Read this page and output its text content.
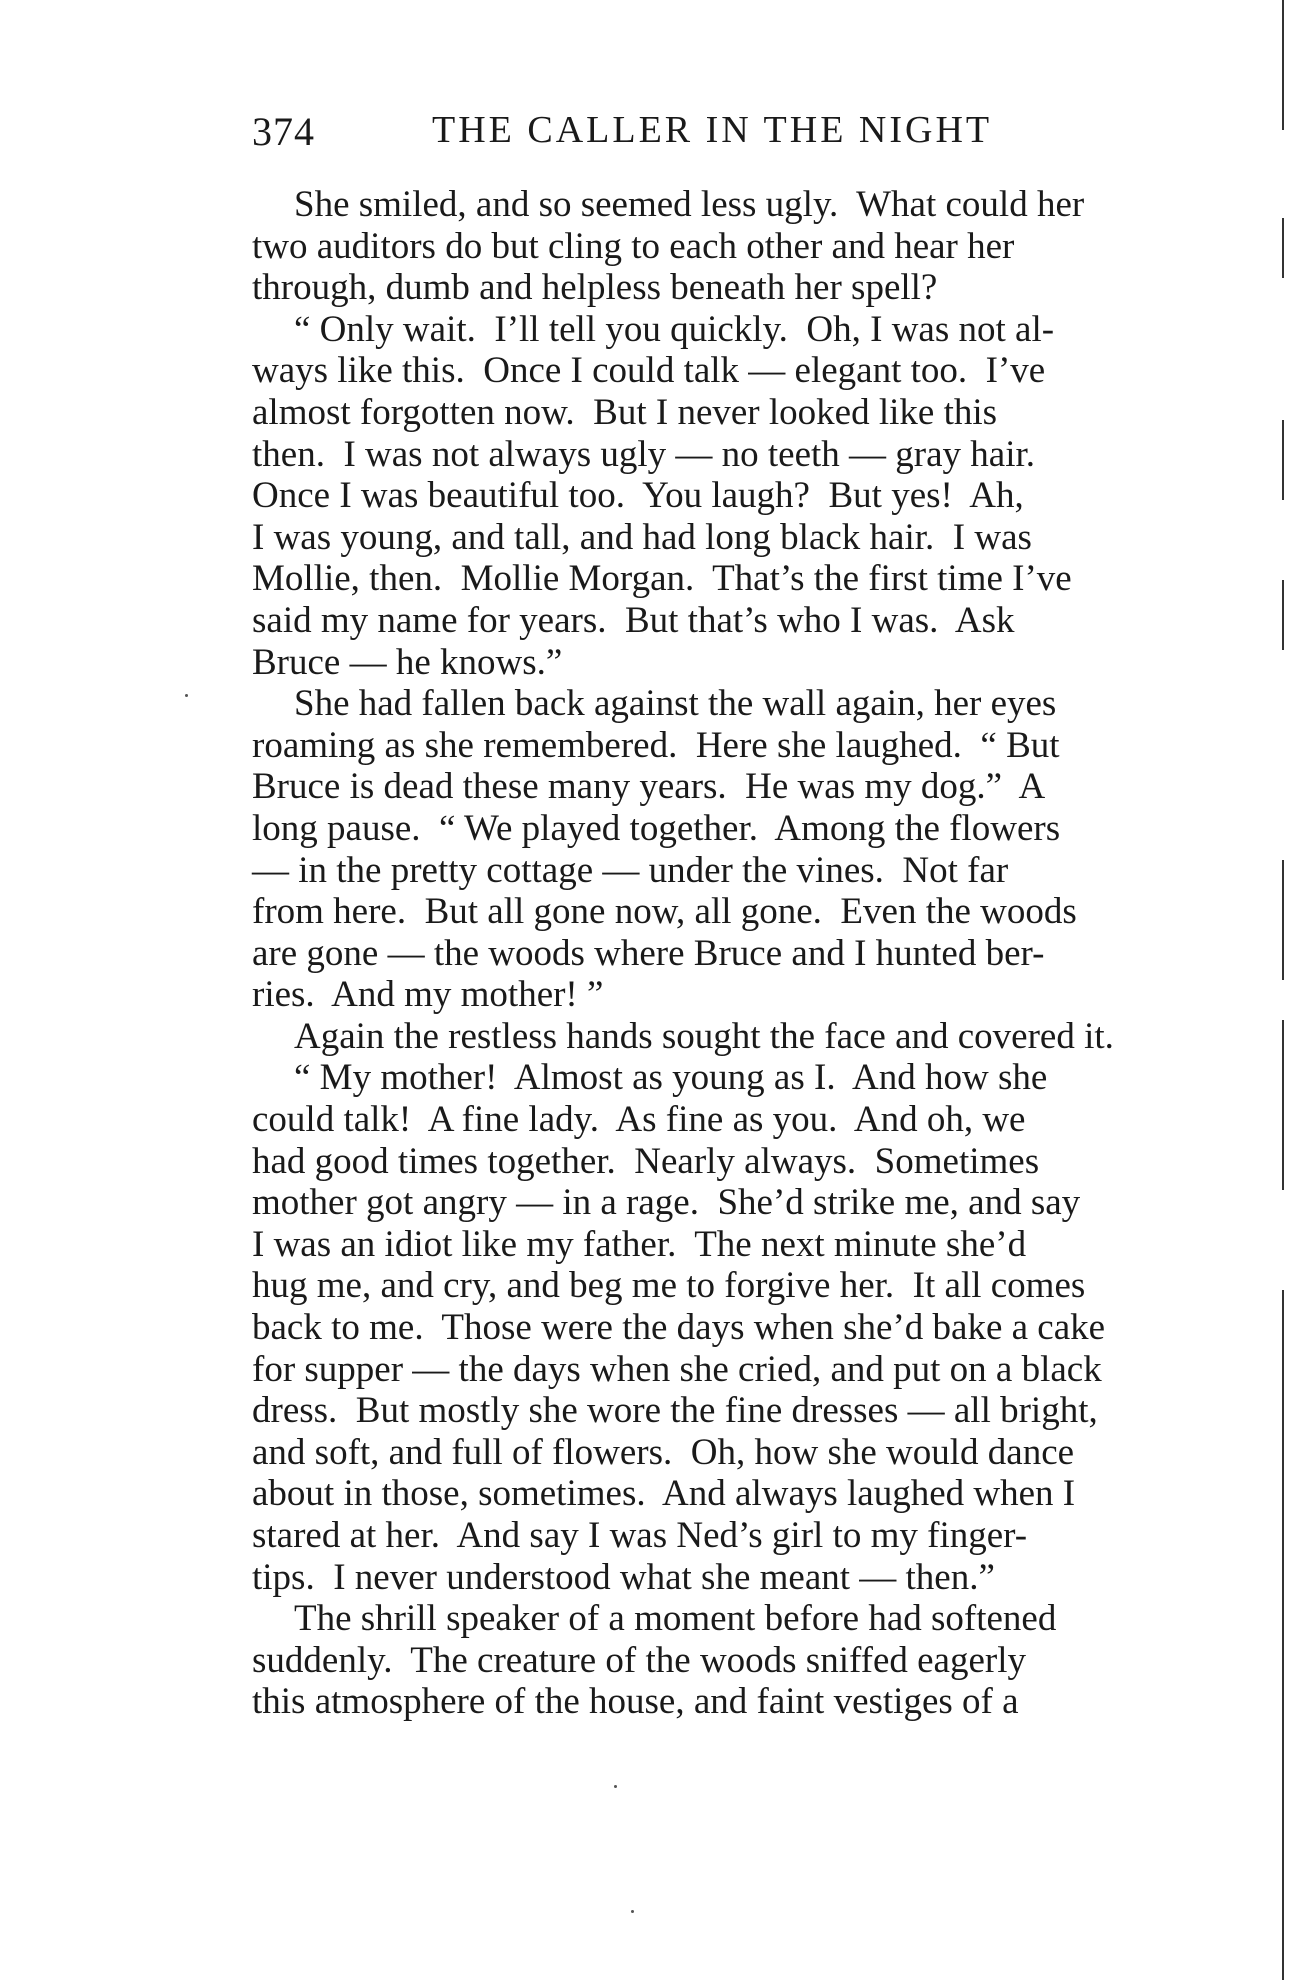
374	THE CALLER IN THE NIGHT
She smiled, and so seemed less ugly.  What could her
two auditors do but cling to each other and hear her
through, dumb and helpless beneath her spell?
“ Only wait.  I’ll tell you quickly.  Oh, I was not al-
ways like this.  Once I could talk — elegant too.  I’ve
almost forgotten now.  But I never looked like this
then.  I was not always ugly — no teeth — gray hair.
Once I was beautiful too.  You laugh?  But yes!  Ah,
I was young, and tall, and had long black hair.  I was
Mollie, then.  Mollie Morgan.  That’s the first time I’ve
said my name for years.  But that’s who I was.  Ask
Bruce — he knows.”
She had fallen back against the wall again, her eyes
roaming as she remembered.  Here she laughed.  “ But
Bruce is dead these many years.  He was my dog.”  A
long pause.  “ We played together.  Among the flowers
— in the pretty cottage — under the vines.  Not far
from here.  But all gone now, all gone.  Even the woods
are gone — the woods where Bruce and I hunted ber-
ries.  And my mother! ”
Again the restless hands sought the face and covered it.
“ My mother!  Almost as young as I.  And how she
could talk!  A fine lady.  As fine as you.  And oh, we
had good times together.  Nearly always.  Sometimes
mother got angry — in a rage.  She’d strike me, and say
I was an idiot like my father.  The next minute she’d
hug me, and cry, and beg me to forgive her.  It all comes
back to me.  Those were the days when she’d bake a cake
for supper — the days when she cried, and put on a black
dress.  But mostly she wore the fine dresses — all bright,
and soft, and full of flowers.  Oh, how she would dance
about in those, sometimes.  And always laughed when I
stared at her.  And say I was Ned’s girl to my finger-
tips.  I never understood what she meant — then.”
The shrill speaker of a moment before had softened
suddenly.  The creature of the woods sniffed eagerly
this atmosphere of the house, and faint vestiges of a
